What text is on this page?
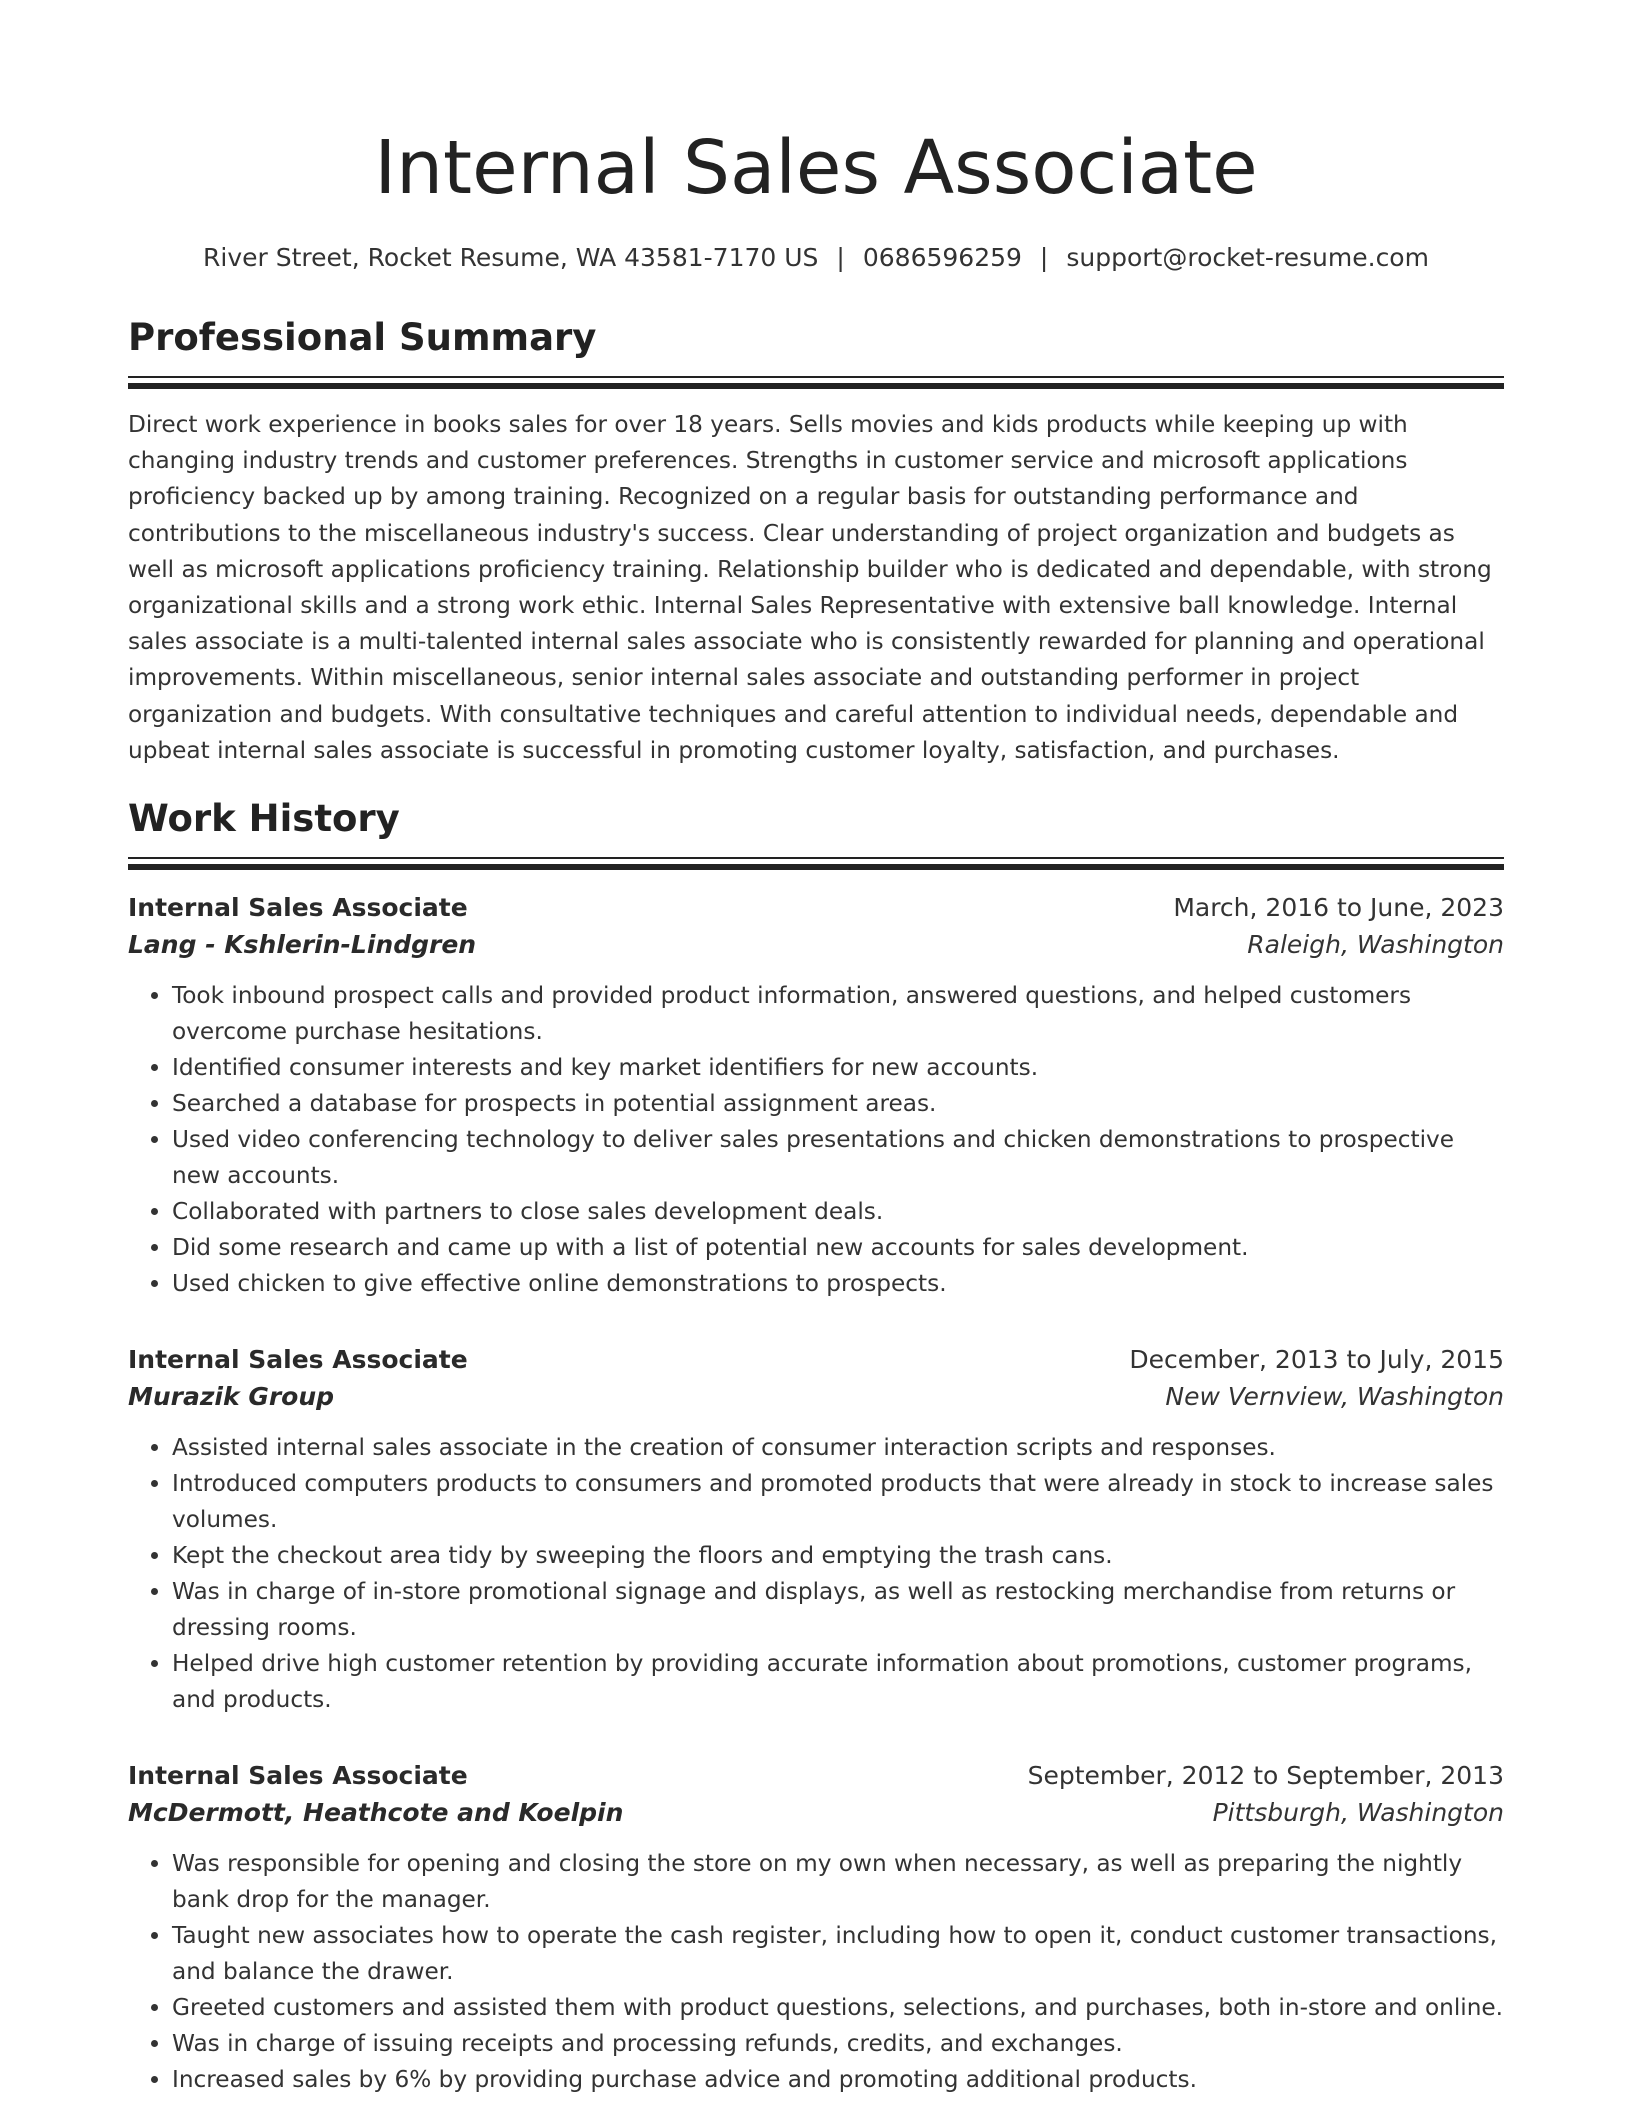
Internal Sales Associate
River Street, Rocket Resume, WA 43581-7170 US | 0686596259 | support@rocket-resume.com
Professional Summary

Direct work experience in books sales for over 18 years. Sells movies and kids products while keeping up with changing industry trends and customer preferences. Strengths in customer service and microsoft applications proficiency backed up by among training. Recognized on a regular basis for outstanding performance and contributions to the miscellaneous industry's success. Clear understanding of project organization and budgets as well as microsoft applications proficiency training. Relationship builder who is dedicated and dependable, with strong organizational skills and a strong work ethic. Internal Sales Representative with extensive ball knowledge. Internal sales associate is a multi-talented internal sales associate who is consistently rewarded for planning and operational improvements. Within miscellaneous, senior internal sales associate and outstanding performer in project organization and budgets. With consultative techniques and careful attention to individual needs, dependable and upbeat internal sales associate is successful in promoting customer loyalty, satisfaction, and purchases.

Work History
Internal Sales Associate	March, 2016 to June, 2023
Lang - Kshlerin-Lindgren	Raleigh, Washington
• Took inbound prospect calls and provided product information, answered questions, and helped customers overcome purchase hesitations.
• Identified consumer interests and key market identifiers for new accounts.
• Searched a database for prospects in potential assignment areas.
• Used video conferencing technology to deliver sales presentations and chicken demonstrations to prospective new accounts.
• Collaborated with partners to close sales development deals.
• Did some research and came up with a list of potential new accounts for sales development.
• Used chicken to give effective online demonstrations to prospects.
Internal Sales Associate	December, 2013 to July, 2015
Murazik Group	New Vernview, Washington
• Assisted internal sales associate in the creation of consumer interaction scripts and responses.
• Introduced computers products to consumers and promoted products that were already in stock to increase sales volumes.
• Kept the checkout area tidy by sweeping the floors and emptying the trash cans.
• Was in charge of in-store promotional signage and displays, as well as restocking merchandise from returns or dressing rooms.
• Helped drive high customer retention by providing accurate information about promotions, customer programs, and products.
Internal Sales Associate	September, 2012 to September, 2013
McDermott, Heathcote and Koelpin	Pittsburgh, Washington
• Was responsible for opening and closing the store on my own when necessary, as well as preparing the nightly bank drop for the manager.
• Taught new associates how to operate the cash register, including how to open it, conduct customer transactions, and balance the drawer.
• Greeted customers and assisted them with product questions, selections, and purchases, both in-store and online.
• Was in charge of issuing receipts and processing refunds, credits, and exchanges.
• Increased sales by 6% by providing purchase advice and promoting additional products.
